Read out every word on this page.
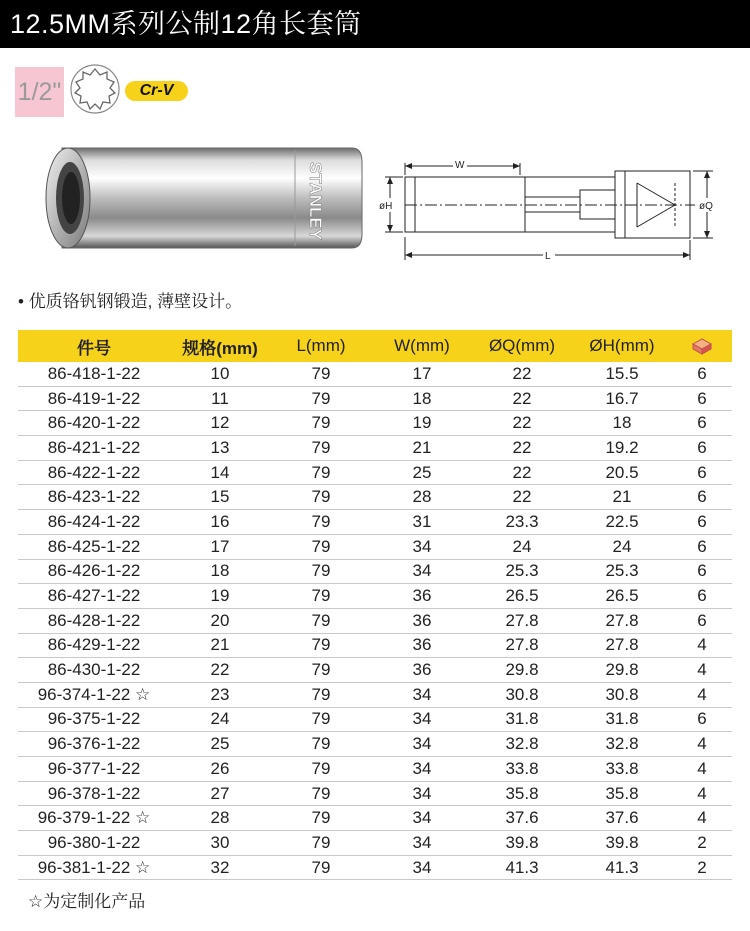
12.5MM系列公制12角长套筒
1/2"	Cr-V
STANLEY	W
L
øH	øQ
• 优质铬钒钢锻造, 薄壁设计。
件号	规格(mm)	L(mm)	W(mm)	ØQ(mm)	ØH(mm)	
86-418-1-22	10	79	17	22	15.5	6
86-419-1-22	11	79	18	22	16.7	6
86-420-1-22	12	79	19	22	18	6
86-421-1-22	13	79	21	22	19.2	6
86-422-1-22	14	79	25	22	20.5	6
86-423-1-22	15	79	28	22	21	6
86-424-1-22	16	79	31	23.3	22.5	6
86-425-1-22	17	79	34	24	24	6
86-426-1-22	18	79	34	25.3	25.3	6
86-427-1-22	19	79	36	26.5	26.5	6
86-428-1-22	20	79	36	27.8	27.8	6
86-429-1-22	21	79	36	27.8	27.8	4
86-430-1-22	22	79	36	29.8	29.8	4
96-374-1-22 ☆	23	79	34	30.8	30.8	4
96-375-1-22	24	79	34	31.8	31.8	6
96-376-1-22	25	79	34	32.8	32.8	4
96-377-1-22	26	79	34	33.8	33.8	4
96-378-1-22	27	79	34	35.8	35.8	4
96-379-1-22 ☆	28	79	34	37.6	37.6	4
96-380-1-22	30	79	34	39.8	39.8	2
96-381-1-22 ☆	32	79	34	41.3	41.3	2
☆为定制化产品
